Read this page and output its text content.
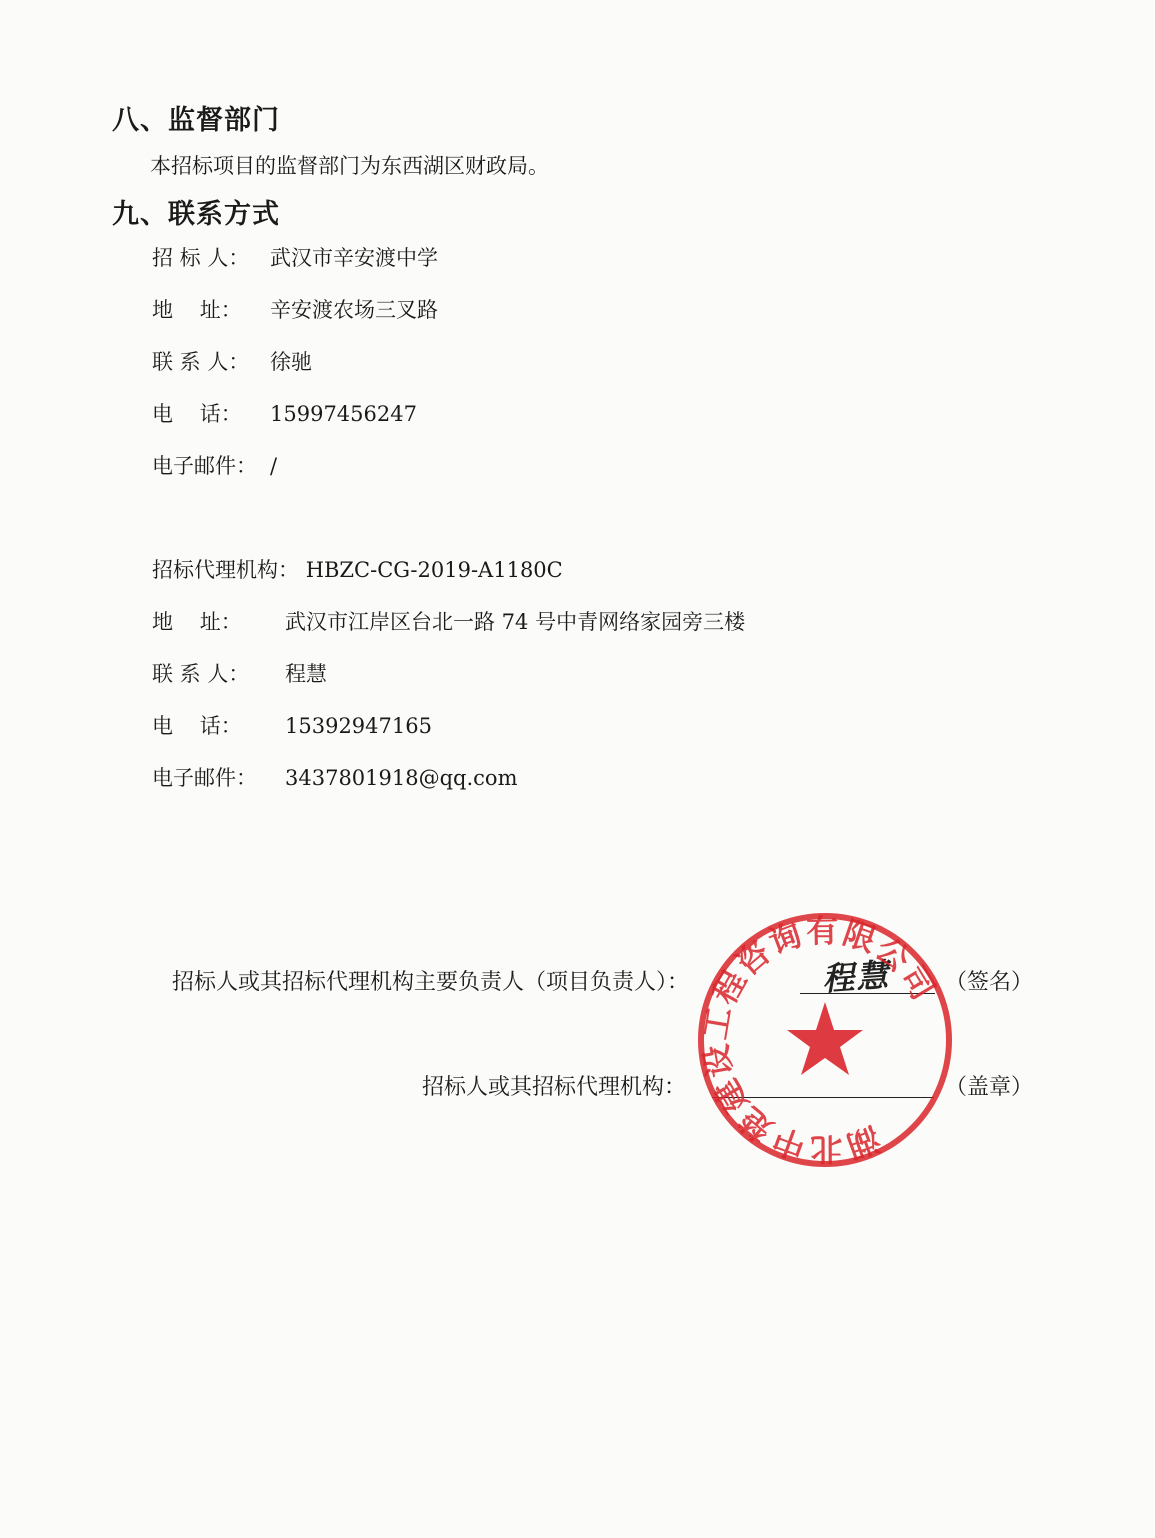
八、监督部门
本招标项目的监督部门为东西湖区财政局。
九、联系方式
招 标 人： 武汉市辛安渡中学
地    址： 辛安渡农场三叉路
联 系 人： 徐驰
电    话： 15997456247
电子邮件： /
招标代理机构： HBZC-CG-2019-A1180C
地    址： 武汉市江岸区台北一路 74 号中青网络家园旁三楼
联 系 人： 程慧
电    话： 15392947165
电子邮件： 3437801918@qq.com
招标人或其招标代理机构主要负责人（项目负责人）：	程慧 （签名）
招标人或其招标代理机构：	（盖章）
湖北中楚建设工程咨询有限公司
